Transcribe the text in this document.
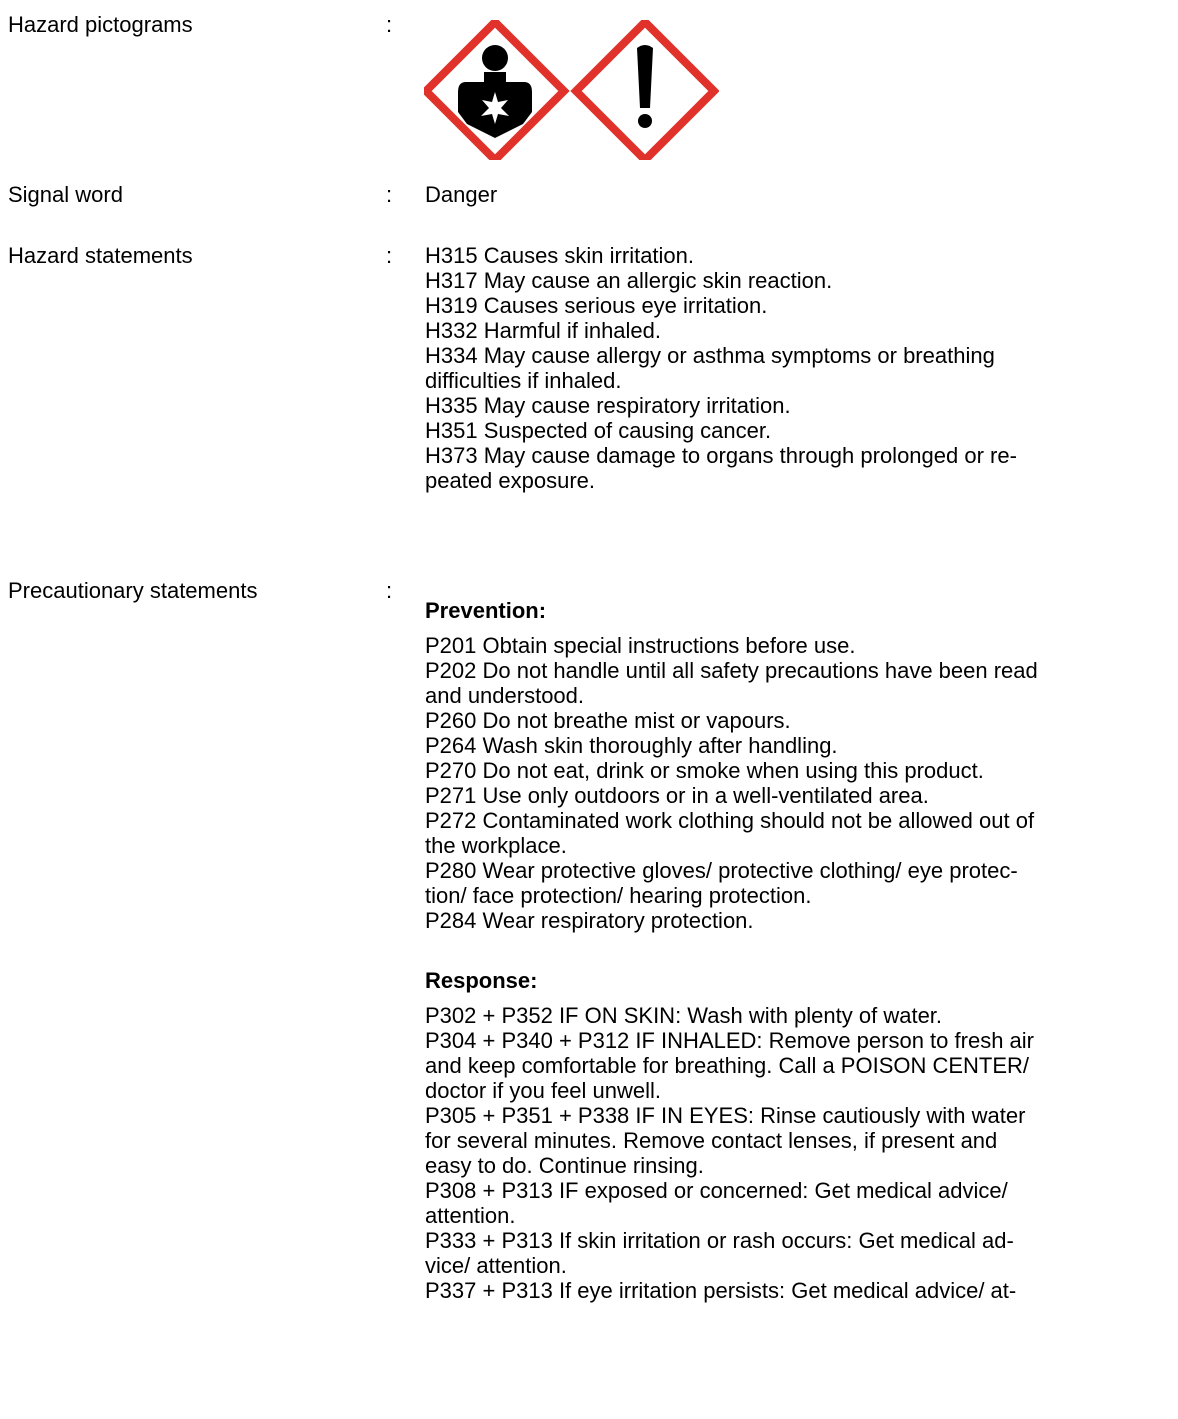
Hazard pictograms	:
Signal word	: Danger
Hazard statements	: H315 Causes skin irritation.

H317 May cause an allergic skin reaction.

H319 Causes serious eye irritation.

H332 Harmful if inhaled.

H334 May cause allergy or asthma symptoms or breathing

difficulties if inhaled.

H335 May cause respiratory irritation.

H351 Suspected of causing cancer.

H373 May cause damage to organs through prolonged or re-

peated exposure.

Precautionary statements	:

Prevention:

P201 Obtain special instructions before use.

P202 Do not handle until all safety precautions have been read

and understood.

P260 Do not breathe mist or vapours.

P264 Wash skin thoroughly after handling.

P270 Do not eat, drink or smoke when using this product.

P271 Use only outdoors or in a well-ventilated area.

P272 Contaminated work clothing should not be allowed out of

the workplace.

P280 Wear protective gloves/ protective clothing/ eye protec-

tion/ face protection/ hearing protection.

P284 Wear respiratory protection.

Response:

P302 + P352 IF ON SKIN: Wash with plenty of water.

P304 + P340 + P312 IF INHALED: Remove person to fresh air

and keep comfortable for breathing. Call a POISON CENTER/

doctor if you feel unwell.

P305 + P351 + P338 IF IN EYES: Rinse cautiously with water

for several minutes. Remove contact lenses, if present and

easy to do. Continue rinsing.

P308 + P313 IF exposed or concerned: Get medical advice/

attention.

P333 + P313 If skin irritation or rash occurs: Get medical ad-

vice/ attention.

P337 + P313 If eye irritation persists: Get medical advice/ at-
